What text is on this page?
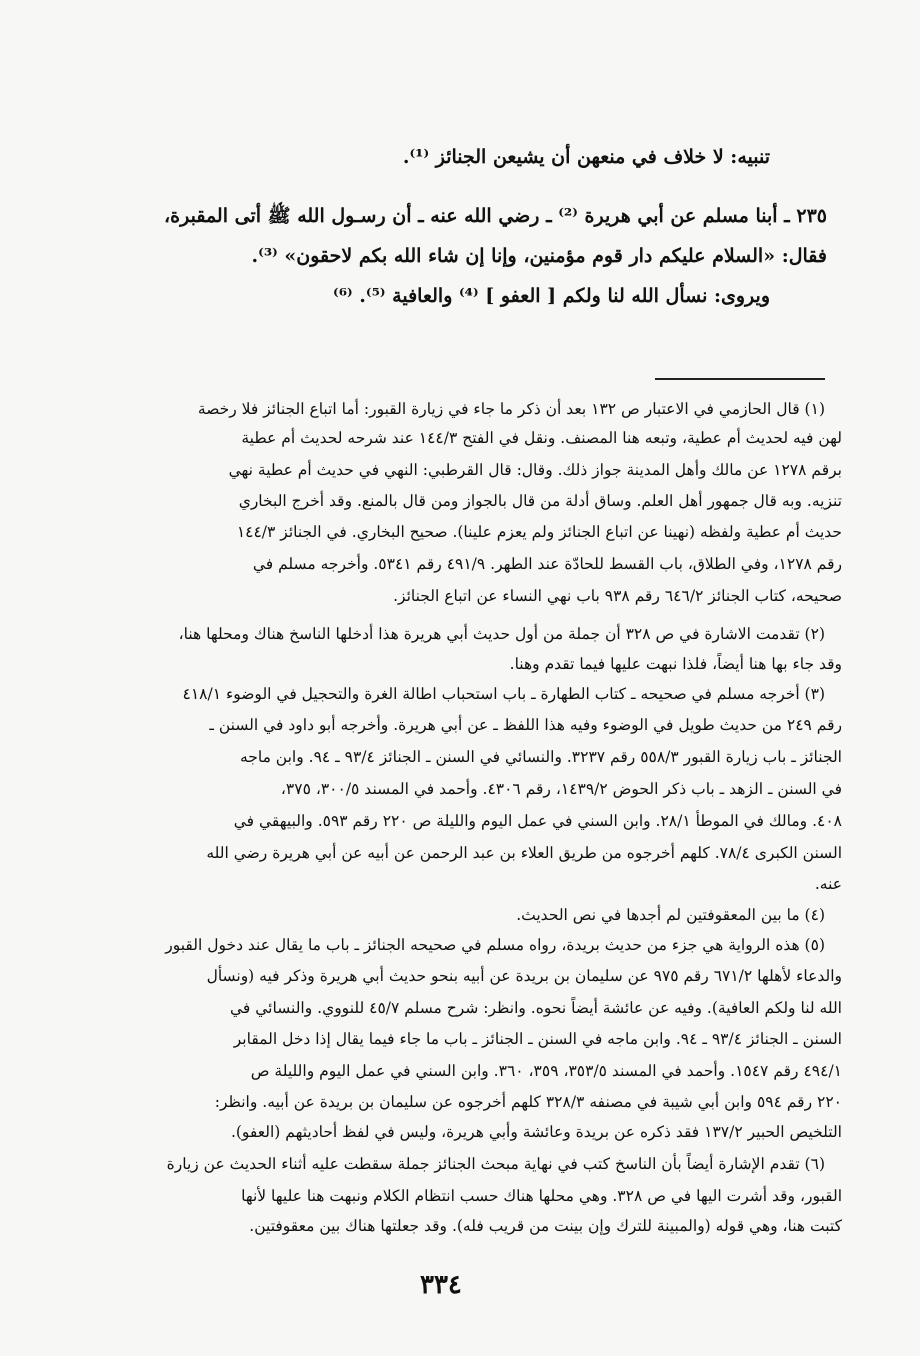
تنبيه: لا خلاف في منعهن أن يشيعن الجنائز ⁽¹⁾.
٢٣٥ ـ أبنا مسلم عن أبي هريرة ⁽²⁾ ـ رضي الله عنه ـ أن رسـول الله ﷺ أتى المقبرة،
فقال: «السلام عليكم دار قوم مؤمنين، وإنا إن شاء الله بكم لاحقون» ⁽³⁾.
ويروى: نسأل الله لنا ولكم [ العفو ] ⁽⁴⁾ والعافية ⁽⁵⁾. ⁽⁶⁾
(١) قال الحازمي في الاعتبار ص ١٣٢ بعد أن ذكر ما جاء في زيارة القبور: أما اتباع الجنائز فلا رخصة
لهن فيه لحديث أم عطية، وتبعه هنا المصنف. ونقل في الفتح ١٤٤/٣ عند شرحه لحديث أم عطية
برقم ١٢٧٨ عن مالك وأهل المدينة جواز ذلك. وقال: قال القرطبي: النهي في حديث أم عطية نهي
تنزيه. وبه قال جمهور أهل العلم. وساق أدلة من قال بالجواز ومن قال بالمنع. وقد أخرج البخاري
حديث أم عطية ولفظه (نهينا عن اتباع الجنائز ولم يعزم علينا). صحيح البخاري. في الجنائز ١٤٤/٣
رقم ١٢٧٨، وفي الطلاق، باب القسط للحادّة عند الطهر. ٤٩١/٩ رقم ٥٣٤١. وأخرجه مسلم في
صحيحه، كتاب الجنائز ٦٤٦/٢ رقم ٩٣٨ باب نهي النساء عن اتباع الجنائز.
(٢) تقدمت الاشارة في ص ٣٢٨ أن جملة من أول حديث أبي هريرة هذا أدخلها الناسخ هناك ومحلها هنا،
وقد جاء بها هنا أيضاً، فلذا نبهت عليها فيما تقدم وهنا.
(٣) أخرجه مسلم في صحيحه ـ كتاب الطهارة ـ باب استحباب اطالة الغرة والتحجيل في الوضوء ٤١٨/١
رقم ٢٤٩ من حديث طويل في الوضوء وفيه هذا اللفظ ـ عن أبي هريرة. وأخرجه أبو داود في السنن ـ
الجنائز ـ باب زيارة القبور ٥٥٨/٣ رقم ٣٢٣٧. والنسائي في السنن ـ الجنائز ٩٣/٤ ـ ٩٤. وابن ماجه
في السنن ـ الزهد ـ باب ذكر الحوض ١٤٣٩/٢، رقم ٤٣٠٦. وأحمد في المسند ٣٠٠/٥، ٣٧٥،
٤٠٨. ومالك في الموطأ ٢٨/١. وابن السني في عمل اليوم والليلة ص ٢٢٠ رقم ٥٩٣. والبيهقي في
السنن الكبرى ٧٨/٤. كلهم أخرجوه من طريق العلاء بن عبد الرحمن عن أبيه عن أبي هريرة رضي الله
عنه.
(٤) ما بين المعقوفتين لم أجدها في نص الحديث.
(٥) هذه الرواية هي جزء من حديث بريدة، رواه مسلم في صحيحه الجنائز ـ باب ما يقال عند دخول القبور
والدعاء لأهلها ٦٧١/٢ رقم ٩٧٥ عن سليمان بن بريدة عن أبيه بنحو حديث أبي هريرة وذكر فيه (ونسأل
الله لنا ولكم العافية). وفيه عن عائشة أيضاً نحوه. وانظر: شرح مسلم ٤٥/٧ للنووي. والنسائي في
السنن ـ الجنائز ٩٣/٤ ـ ٩٤. وابن ماجه في السنن ـ الجنائز ـ باب ما جاء فيما يقال إذا دخل المقابر
٤٩٤/١ رقم ١٥٤٧. وأحمد في المسند ٣٥٣/٥، ٣٥٩، ٣٦٠. وابن السني في عمل اليوم والليلة ص
٢٢٠ رقم ٥٩٤ وابن أبي شيبة في مصنفه ٣٢٨/٣ كلهم أخرجوه عن سليمان بن بريدة عن أبيه. وانظر:
التلخيص الحبير ١٣٧/٢ فقد ذكره عن بريدة وعائشة وأبي هريرة، وليس في لفظ أحاديثهم (العفو).
(٦) تقدم الإشارة أيضاً بأن الناسخ كتب في نهاية مبحث الجنائز جملة سقطت عليه أثناء الحديث عن زيارة
القبور، وقد أشرت اليها في ص ٣٢٨. وهي محلها هناك حسب انتظام الكلام ونبهت هنا عليها لأنها
كتبت هنا، وهي قوله (والمبينة للترك وإن بينت من قريب فله). وقد جعلتها هناك بين معقوفتين.
٣٣٤
